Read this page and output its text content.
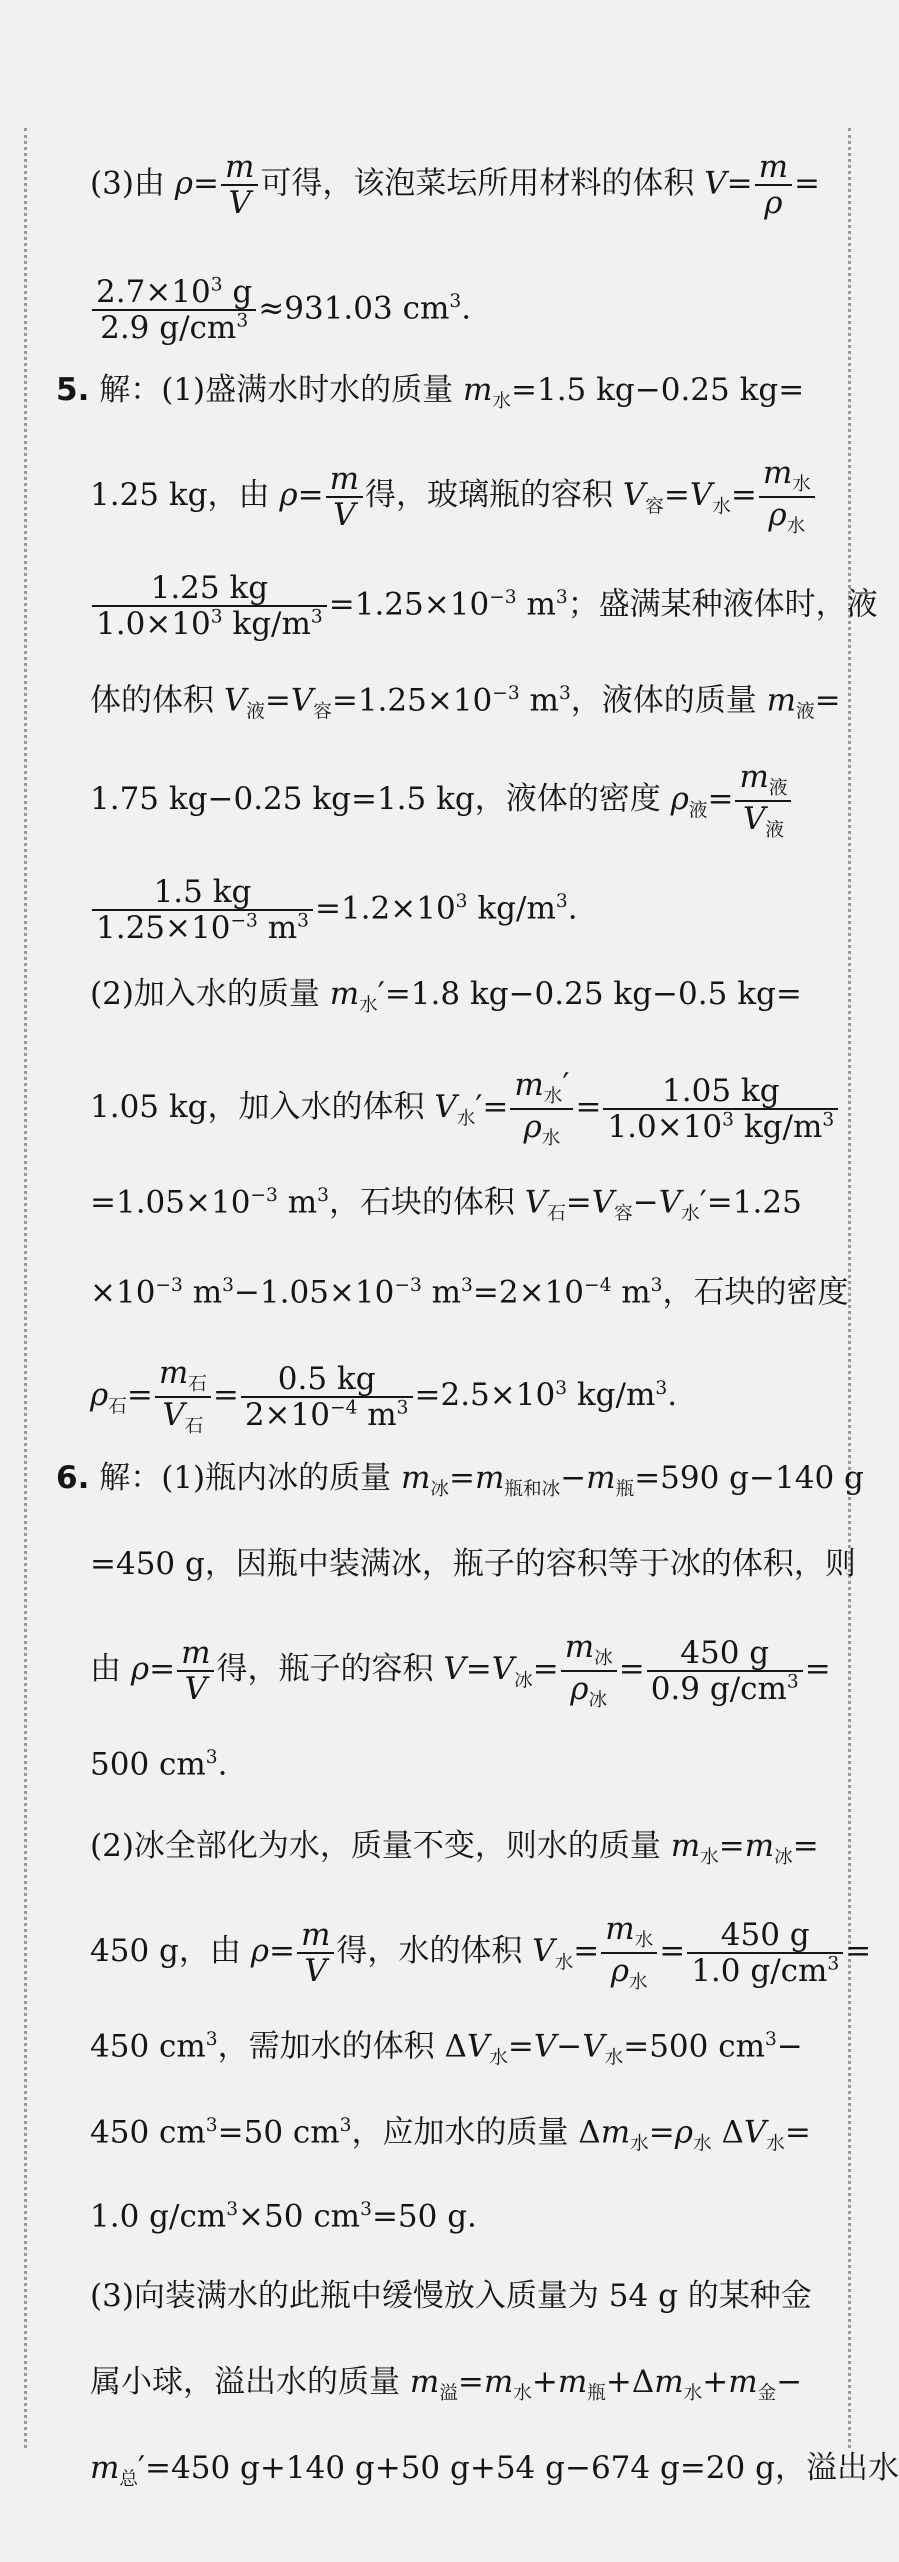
(3)由 $\rho= \frac{m}{V}$ 可得，该泡菜坛所用材料的体积 $V= \frac{m}{\rho}$ =
$\frac{2.7\times 10^3 g}{2.9 g/cm^3} \approx 931.03$ $cm^3$.
5. 解：(1)盛满水时水的质量 $m_水=1.5$ kg−0.25 kg=
1.25 kg，由 $\rho= \frac{m}{V}$ 得，玻璃瓶的容积 $V_容=V_水= \frac{m_水}{\rho_水}$
$\frac{1.25 kg}{1.0\times 10^3 kg/m^3} =1.25\times 10^{-3}$ $m^3$；盛满某种液体时，液
体的体积 $V_液=V_容=1.25\times 10^{-3}$ $m^3$，液体的质量 $m_液=$
1.75 kg−0.25 kg=1.5 kg，液体的密度 $\rho_液= \frac{m_液}{V_液}$
$\frac{1.5 kg}{1.25\times 10^{-3} m^3} =1.2\times 10^3$ $kg/m^3$.
(2)加入水的质量 $m_水'=1.8$ kg−0.25 kg−0.5 kg=
1.05 kg，加入水的体积 $V_水'= \frac{m_水'}{\rho_水} = \frac{1.05 kg}{1.0\times 10^3 kg/m^3}$
$=1.05\times 10^{-3}$ $m^3$，石块的体积 $V_石=V_容-V_水'=1.25$
$\times 10^{-3}$ $m^3-1.05\times 10^{-3}$ $m^3=2\times 10^{-4}$ $m^3$，石块的密度
$\rho_石= \frac{m_石}{V_石} = \frac{0.5 kg}{2\times 10^{-4} m^3} =2.5\times 10^3$ $kg/m^3$.
6. 解：(1)瓶内冰的质量 $m_冰=m_{瓶和冰}-m_瓶=590$ g−140 g
=450 g，因瓶中装满冰，瓶子的容积等于冰的体积，则
由 $\rho= \frac{m}{V}$ 得，瓶子的容积 $V=V_冰= \frac{m_冰}{\rho_冰} = \frac{450 g}{0.9 g/cm^3}$ =
500 $cm^3$.
(2)冰全部化为水，质量不变，则水的质量 $m_水=m_冰=$
450 g，由 $\rho= \frac{m}{V}$ 得，水的体积 $V_水= \frac{m_水}{\rho_水} = \frac{450 g}{1.0 g/cm^3}$ =
450 $cm^3$，需加水的体积 $\Delta V_水=V-V_水=500$ $cm^3-$
450 $cm^3=50$ $cm^3$，应加水的质量 $\Delta m_水=\rho_水$ $\Delta V_水=$
1.0 $g/cm^3\times 50$ $cm^3=50$ g.
(3)向装满水的此瓶中缓慢放入质量为 54 g 的某种金
属小球，溢出水的质量 $m_溢=m_水+m_瓶+\Delta m_水+m_金-$
$m_总'=450$ g+140 g+50 g+54 g−674 g=20 g，溢出水
